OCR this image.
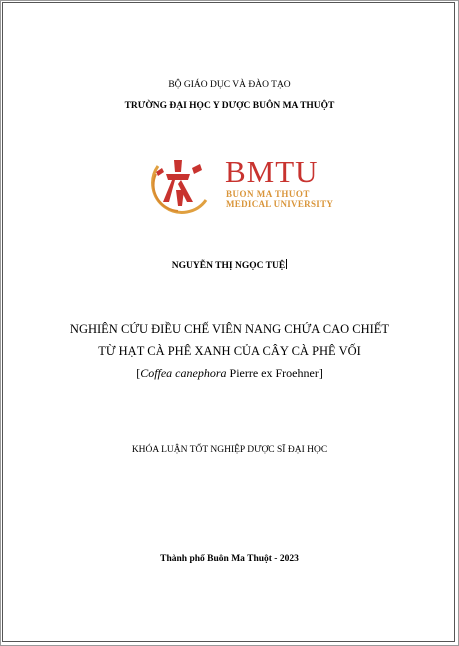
BỘ GIÁO DỤC VÀ ĐÀO TẠO
TRƯỜNG ĐẠI HỌC Y DƯỢC BUÔN MA THUỘT
BMTU
BUON MA THUOT
MEDICAL UNIVERSITY
NGUYỄN THỊ NGỌC TUỆ
NGHIÊN CỨU ĐIỀU CHẾ VIÊN NANG CHỨA CAO CHIẾT
TỪ HẠT CÀ PHÊ XANH CỦA CÂY CÀ PHÊ VỐI
[Coffea canephora Pierre ex Froehner]
KHÓA LUẬN TỐT NGHIỆP DƯỢC SĨ ĐẠI HỌC
Thành phố Buôn Ma Thuột - 2023
